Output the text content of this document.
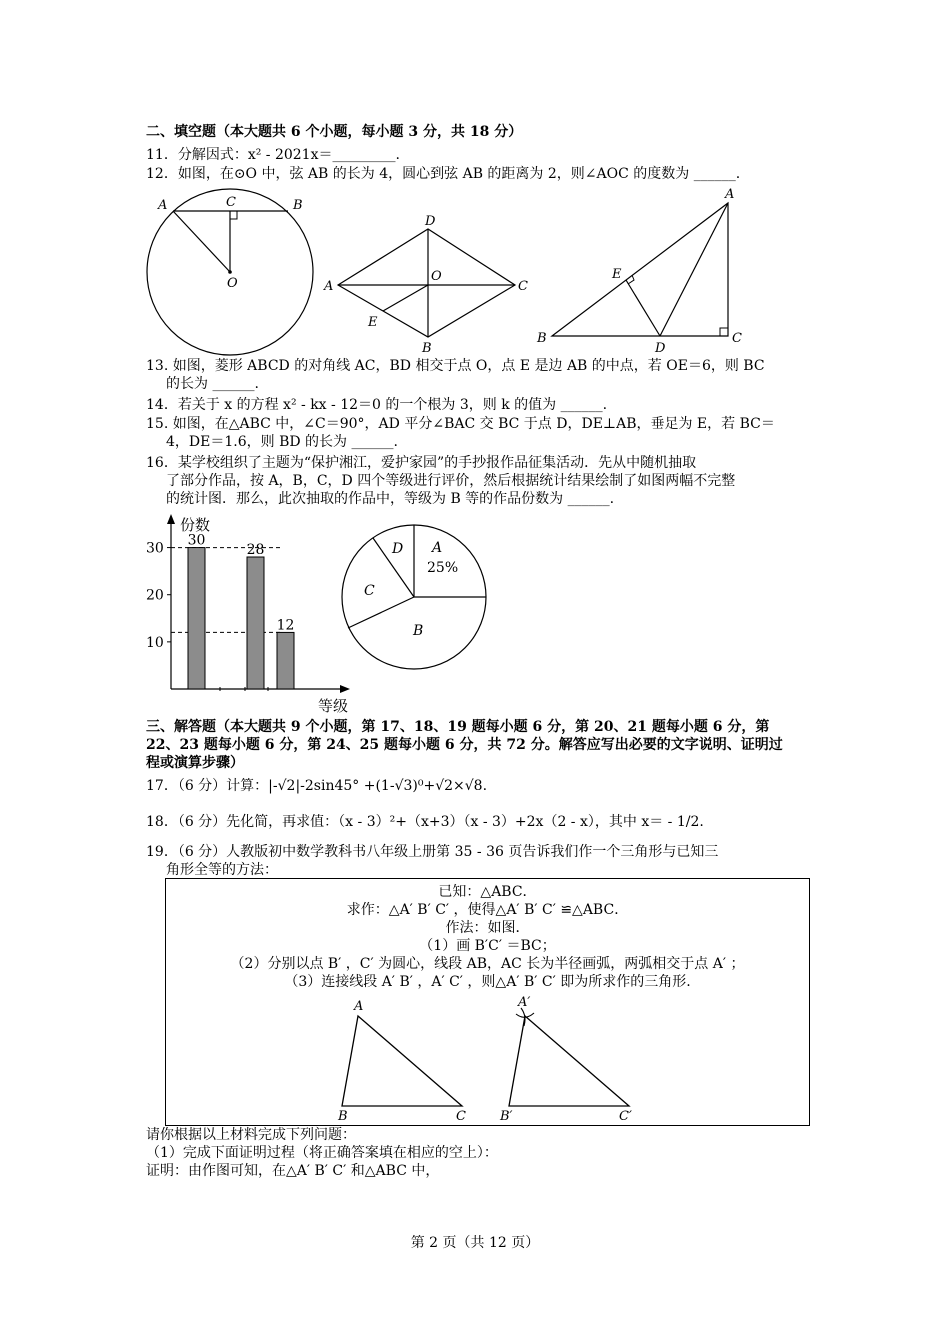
二、填空题（本大题共 6 个小题，每小题 3 分，共 18 分）
11．分解因式：x² - 2021x＝_________.
12．如图，在⊙O 中，弦 AB 的长为 4，圆心到弦 AB 的距离为 2，则∠AOC 的度数为 ______.
A	C	B
O	A
D
C
B
O
E
A
E
B
D
C
13. 如图，菱形 ABCD 的对角线 AC，BD 相交于点 O，点 E 是边 AB 的中点，若 OE＝6，则 BC
的长为 ______.
14．若关于 x 的方程 x² - kx - 12＝0 的一个根为 3，则 k 的值为 ______.
15. 如图，在△ABC 中，∠C＝90°，AD 平分∠BAC 交 BC 于点 D，DE⊥AB，垂足为 E，若 BC＝
4，DE＝1.6，则 BD 的长为 ______.
16．某学校组织了主题为“保护湘江，爱护家园”的手抄报作品征集活动．先从中随机抽取
了部分作品，按 A，B，C，D 四个等级进行评价，然后根据统计结果绘制了如图两幅不完整
的统计图．那么，此次抽取的作品中，等级为 B 等的作品份数为 ______.
份数
等级
10
20
30 30
28
12
A
25%
B
C
D
三、解答题（本大题共 9 个小题，第 17、18、19 题每小题 6 分，第 20、21 题每小题 6 分，第
22、23 题每小题 6 分，第 24、25 题每小题 6 分，共 72 分。解答应写出必要的文字说明、证明过
程或演算步骤）
17．（6 分）计算：|-√2|-2sin45° +(1-√3)⁰+√2×√8.
18．（6 分）先化简，再求值：（x - 3）²+（x+3）（x - 3）+2x（2 - x），其中 x＝ - 1/2.
19．（6 分）人教版初中数学教科书八年级上册第 35 - 36 页告诉我们作一个三角形与已知三
角形全等的方法：
已知：△ABC．
求作：△A′ B′ C′ ，使得△A′ B′ C′ ≌△ABC．
作法：如图．
（1）画 B′C′ ＝BC；
（2）分别以点 B′ ，C′ 为圆心，线段 AB，AC 长为半径画弧，两弧相交于点 A′ ；
（3）连接线段 A′ B′ ，A′ C′ ，则△A′ B′ C′ 即为所求作的三角形.
A
B	C
A′
B′	C′
请你根据以上材料完成下列问题：
（1）完成下面证明过程（将正确答案填在相应的空上）：
证明：由作图可知，在△A′ B′ C′ 和△ABC 中，
第 2 页（共 12 页）
